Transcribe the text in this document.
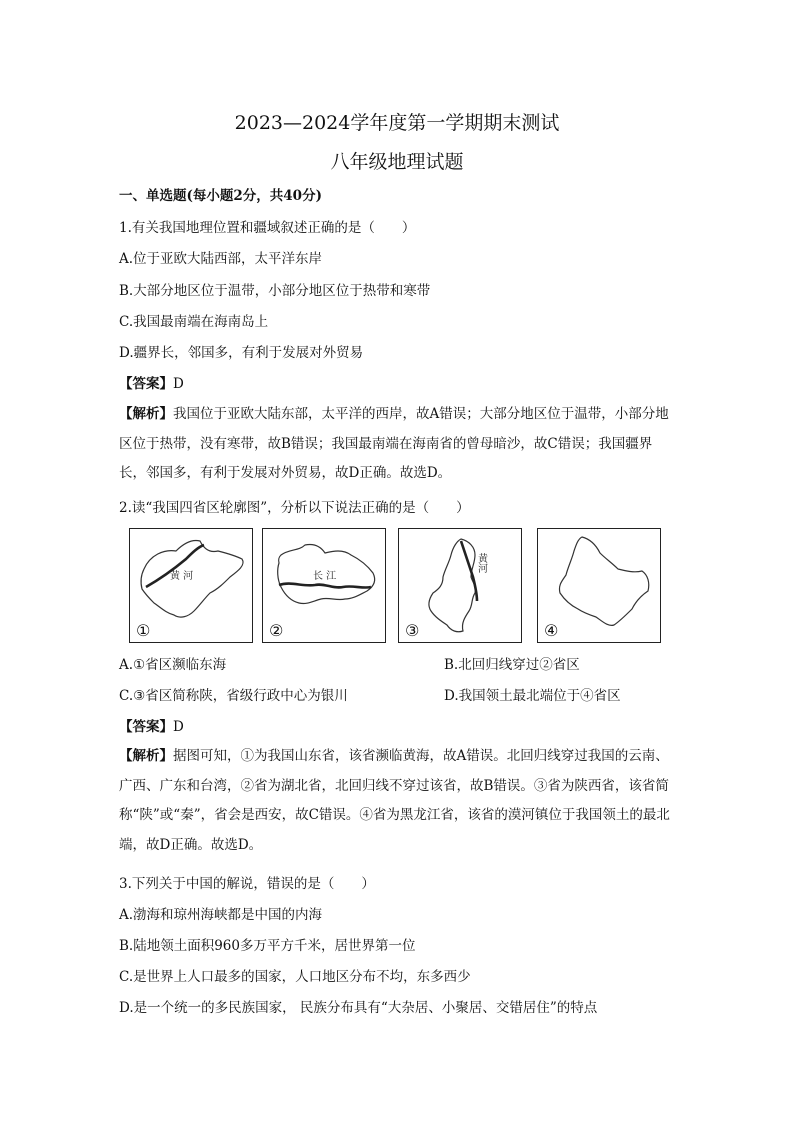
2023—2024学年度第一学期期末测试
八年级地理试题
一、单选题(每小题2分，共40分)
1.有关我国地理位置和疆域叙述正确的是（　　）
A.位于亚欧大陆西部，太平洋东岸
B.大部分地区位于温带，小部分地区位于热带和寒带
C.我国最南端在海南岛上
D.疆界长，邻国多，有利于发展对外贸易
【答案】D
【解析】我国位于亚欧大陆东部，太平洋的西岸，故A错误；大部分地区位于温带，小部分地区位于热带，没有寒带，故B错误；我国最南端在海南省的曾母暗沙，故C错误；我国疆界长，邻国多，有利于发展对外贸易，故D正确。故选D。
2.读“我国四省区轮廓图”，分析以下说法正确的是（　　）
黄 河
①
长 江
②
黄河
③	④
A.①省区濒临东海	B.北回归线穿过②省区
C.③省区简称陕，省级行政中心为银川	D.我国领土最北端位于④省区
【答案】D
【解析】据图可知，①为我国山东省，该省濒临黄海，故A错误。北回归线穿过我国的云南、广西、广东和台湾，②省为湖北省，北回归线不穿过该省，故B错误。③省为陕西省，该省简称“陕”或“秦”，省会是西安，故C错误。④省为黑龙江省，该省的漠河镇位于我国领土的最北端，故D正确。故选D。
3.下列关于中国的解说，错误的是（　　）
A.渤海和琼州海峡都是中国的内海
B.陆地领土面积960多万平方千米，居世界第一位
C.是世界上人口最多的国家，人口地区分布不均，东多西少
D.是一个统一的多民族国家， 民族分布具有“大杂居、小聚居、交错居住”的特点
